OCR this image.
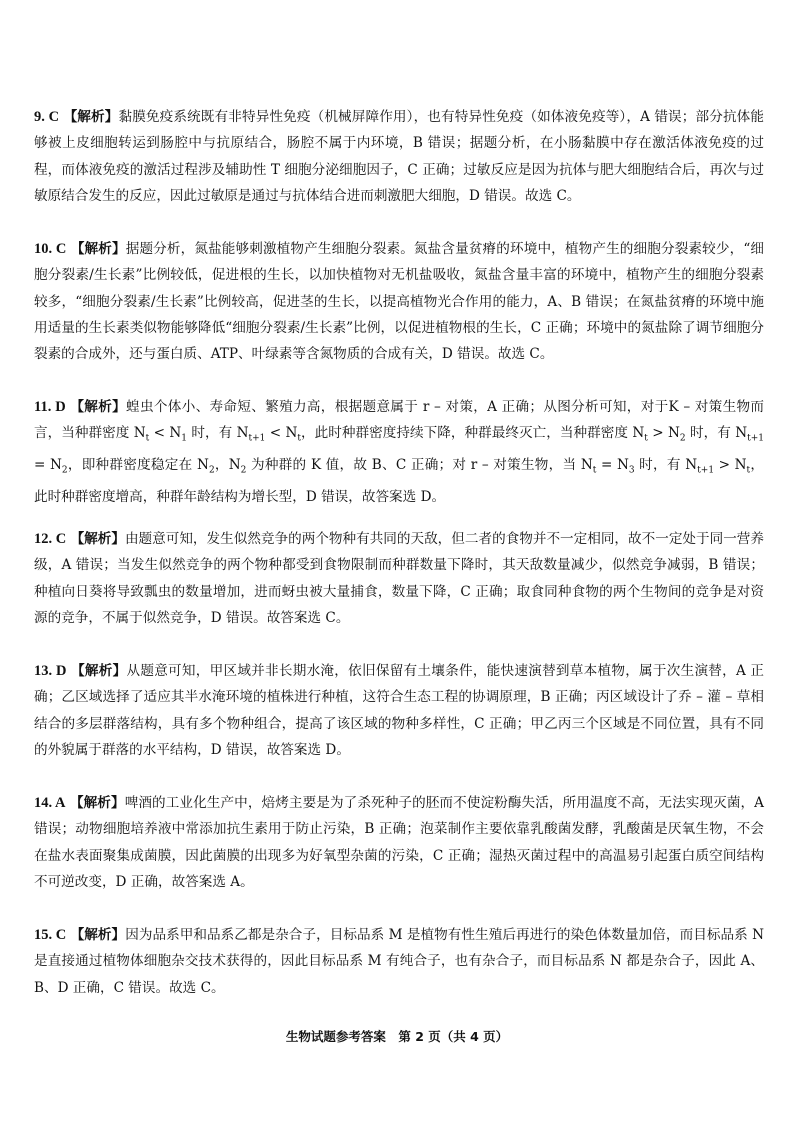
9. C 【解析】黏膜免疫系统既有非特异性免疫（机械屏障作用），也有特异性免疫（如体液免疫等），A 错误；部分抗体能够被上皮细胞转运到肠腔中与抗原结合，肠腔不属于内环境，B 错误；据题分析，在小肠黏膜中存在激活体液免疫的过程，而体液免疫的激活过程涉及辅助性 T 细胞分泌细胞因子，C 正确；过敏反应是因为抗体与肥大细胞结合后，再次与过敏原结合发生的反应，因此过敏原是通过与抗体结合进而刺激肥大细胞，D 错误。故选 C。

10. C 【解析】据题分析，氮盐能够刺激植物产生细胞分裂素。氮盐含量贫瘠的环境中，植物产生的细胞分裂素较少，“细胞分裂素/生长素”比例较低，促进根的生长，以加快植物对无机盐吸收，氮盐含量丰富的环境中，植物产生的细胞分裂素较多，“细胞分裂素/生长素”比例较高，促进茎的生长，以提高植物光合作用的能力，A、B 错误；在氮盐贫瘠的环境中施用适量的生长素类似物能够降低“细胞分裂素/生长素”比例，以促进植物根的生长，C 正确；环境中的氮盐除了调节细胞分裂素的合成外，还与蛋白质、ATP、叶绿素等含氮物质的合成有关，D 错误。故选 C。

11. D 【解析】蝗虫个体小、寿命短、繁殖力高，根据题意属于 r – 对策，A 正确；从图分析可知，对于K – 对策生物而言，当种群密度 $N_t < N_1$ 时，有 $N_{t+1} < N_t$，此时种群密度持续下降，种群最终灭亡，当种群密度 $N_t > N_2$ 时，有 $N_{t+1} = N_2$，即种群密度稳定在 $N_2$，$N_2$ 为种群的 K 值，故 B、C 正确；对 r – 对策生物，当 $N_t = N_3$ 时，有 $N_{t+1} > N_t$，此时种群密度增高，种群年龄结构为增长型，D 错误，故答案选 D。

12. C 【解析】由题意可知，发生似然竞争的两个物种有共同的天敌，但二者的食物并不一定相同，故不一定处于同一营养级，A 错误；当发生似然竞争的两个物种都受到食物限制而种群数量下降时，其天敌数量减少，似然竞争减弱，B 错误；种植向日葵将导致瓢虫的数量增加，进而蚜虫被大量捕食，数量下降，C 正确；取食同种食物的两个生物间的竞争是对资源的竞争，不属于似然竞争，D 错误。故答案选 C。

13. D 【解析】从题意可知，甲区域并非长期水淹，依旧保留有土壤条件，能快速演替到草本植物，属于次生演替，A 正确；乙区域选择了适应其半水淹环境的植株进行种植，这符合生态工程的协调原理，B 正确；丙区域设计了乔 – 灌 – 草相结合的多层群落结构，具有多个物种组合，提高了该区域的物种多样性，C 正确；甲乙丙三个区域是不同位置，具有不同的外貌属于群落的水平结构，D 错误，故答案选 D。

14. A 【解析】啤酒的工业化生产中，焙烤主要是为了杀死种子的胚而不使淀粉酶失活，所用温度不高，无法实现灭菌，A 错误；动物细胞培养液中常添加抗生素用于防止污染，B 正确；泡菜制作主要依靠乳酸菌发酵，乳酸菌是厌氧生物，不会在盐水表面聚集成菌膜，因此菌膜的出现多为好氧型杂菌的污染，C 正确；湿热灭菌过程中的高温易引起蛋白质空间结构不可逆改变，D 正确，故答案选 A。

15. C 【解析】因为品系甲和品系乙都是杂合子，目标品系 M 是植物有性生殖后再进行的染色体数量加倍，而目标品系 N 是直接通过植物体细胞杂交技术获得的，因此目标品系 M 有纯合子，也有杂合子，而目标品系 N 都是杂合子，因此 A、B、D 正确，C 错误。故选 C。

生物试题参考答案　第 2 页（共 4 页）
